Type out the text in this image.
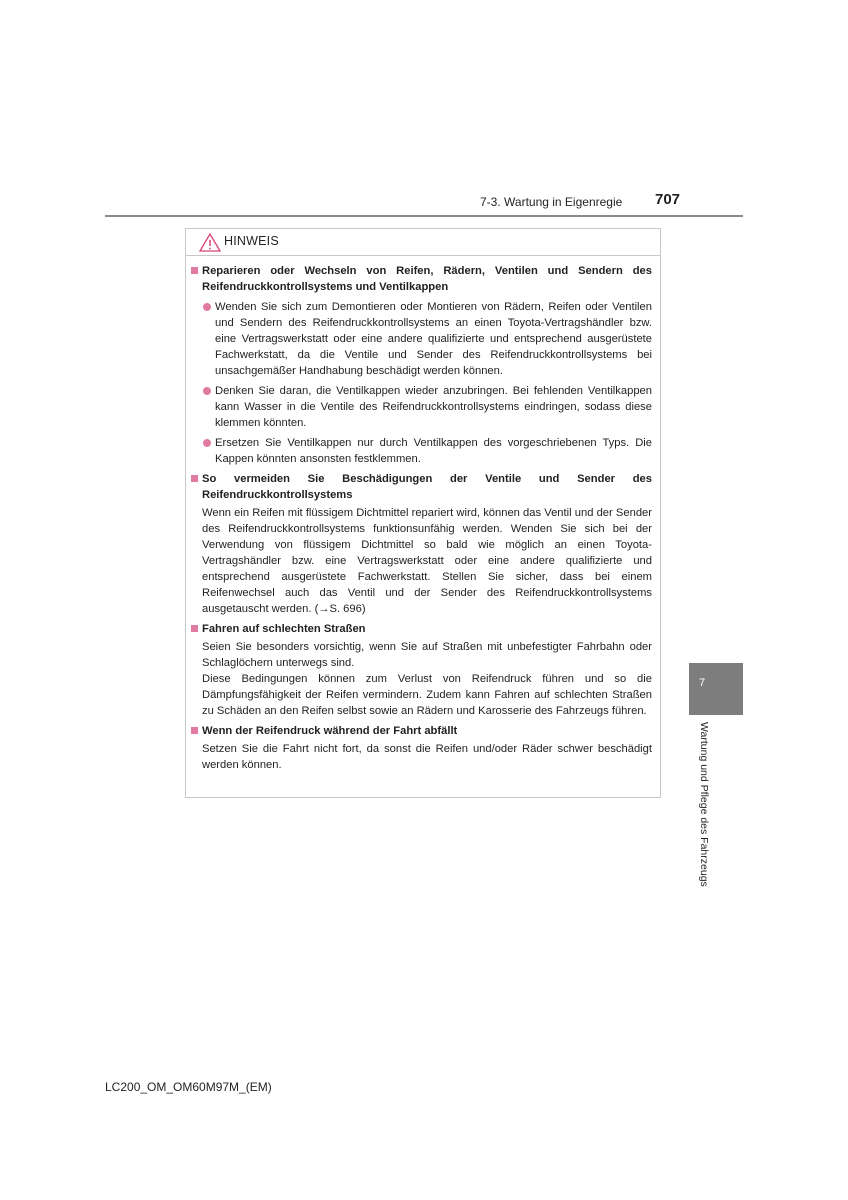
7-3. Wartung in Eigenregie 707
HINWEIS
Reparieren oder Wechseln von Reifen, Rädern, Ventilen und Sendern des Reifendruckkontrollsystems und Ventilkappen
Wenden Sie sich zum Demontieren oder Montieren von Rädern, Reifen oder Ventilen und Sendern des Reifendruckkontrollsystems an einen Toyota-Vertragshändler bzw. eine Vertragswerkstatt oder eine andere qualifizierte und entsprechend ausgerüstete Fachwerkstatt, da die Ventile und Sender des Reifendruckkontrollsystems bei unsachgemäßer Handhabung beschädigt werden können.
Denken Sie daran, die Ventilkappen wieder anzubringen. Bei fehlenden Ventilkappen kann Wasser in die Ventile des Reifendruckkontrollsystems eindringen, sodass diese klemmen könnten.
Ersetzen Sie Ventilkappen nur durch Ventilkappen des vorgeschriebenen Typs. Die Kappen könnten ansonsten festklemmen.
So vermeiden Sie Beschädigungen der Ventile und Sender des Reifendruckkontrollsystems
Wenn ein Reifen mit flüssigem Dichtmittel repariert wird, können das Ventil und der Sender des Reifendruckkontrollsystems funktionsunfähig werden. Wenden Sie sich bei der Verwendung von flüssigem Dichtmittel so bald wie möglich an einen Toyota-Vertragshändler bzw. eine Vertragswerkstatt oder eine andere qualifizierte und entsprechend ausgerüstete Fachwerkstatt. Stellen Sie sicher, dass bei einem Reifenwechsel auch das Ventil und der Sender des Reifendruckkontrollsystems ausgetauscht werden. (→S. 696)
Fahren auf schlechten Straßen
Seien Sie besonders vorsichtig, wenn Sie auf Straßen mit unbefestigter Fahrbahn oder Schlaglöchern unterwegs sind.
Diese Bedingungen können zum Verlust von Reifendruck führen und so die Dämpfungsfähigkeit der Reifen vermindern. Zudem kann Fahren auf schlechten Straßen zu Schäden an den Reifen selbst sowie an Rädern und Karosserie des Fahrzeugs führen.
Wenn der Reifendruck während der Fahrt abfällt
Setzen Sie die Fahrt nicht fort, da sonst die Reifen und/oder Räder schwer beschädigt werden können.
7
Wartung und Pflege des Fahrzeugs
LC200_OM_OM60M97M_(EM)
